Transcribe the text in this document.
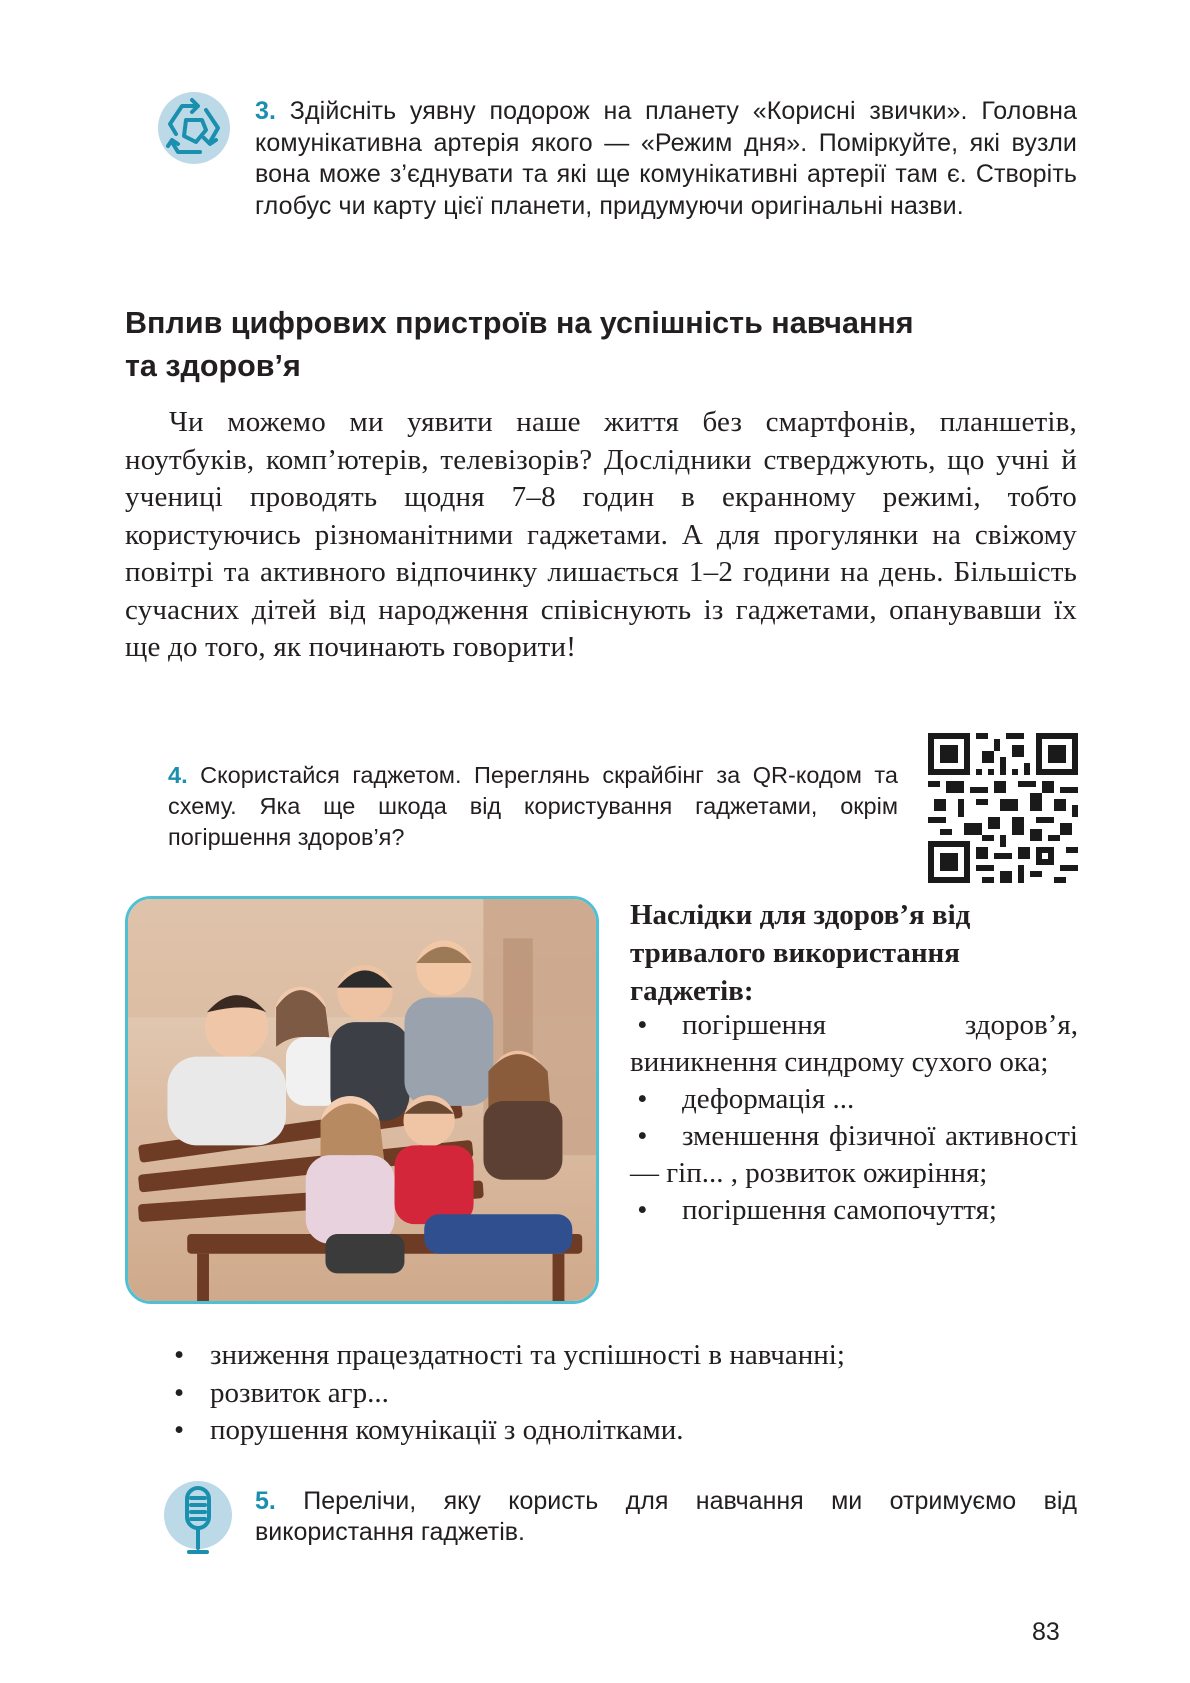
3. Здійсніть уявну подорож на планету «Корисні звички». Головна комунікативна артерія якого — «Режим дня». Поміркуйте, які вузли вона може з’єднувати та які ще комунікативні артерії там є. Створіть глобус чи карту цієї планети, придумуючи оригінальні назви.
Вплив цифрових пристроїв на успішність навчання
та здоров’я
Чи можемо ми уявити наше життя без смартфонів, планшетів, ноутбуків, комп’ютерів, телевізорів? Дослідники стверджують, що учні й учениці проводять щодня 7–8 годин в екранному режимі, тобто користуючись різноманітними гаджетами. А для прогулянки на свіжому повітрі та активного відпочинку лишається 1–2 години на день. Більшість сучасних дітей від народження співіснують із гаджетами, опанувавши їх ще до того, як починають говорити!
4. Скористайся гаджетом. Переглянь скрайбінг за QR-кодом та схему. Яка ще шкода від користування гаджетами, окрім погіршення здоров’я?
Наслідки для здоров’я від тривалого використання гаджетів:
• погіршення здоров’я, виникнення синдрому сухого ока;
• деформація ...
• зменшення фізичної активності — гіп... , розвиток ожиріння;
• погіршення самопочуття;
• зниження працездатності та успішності в навчанні;
• розвиток агр...
• порушення комунікації з однолітками.
5. Перелічи, яку користь для навчання ми отримуємо від використання гаджетів.
83
